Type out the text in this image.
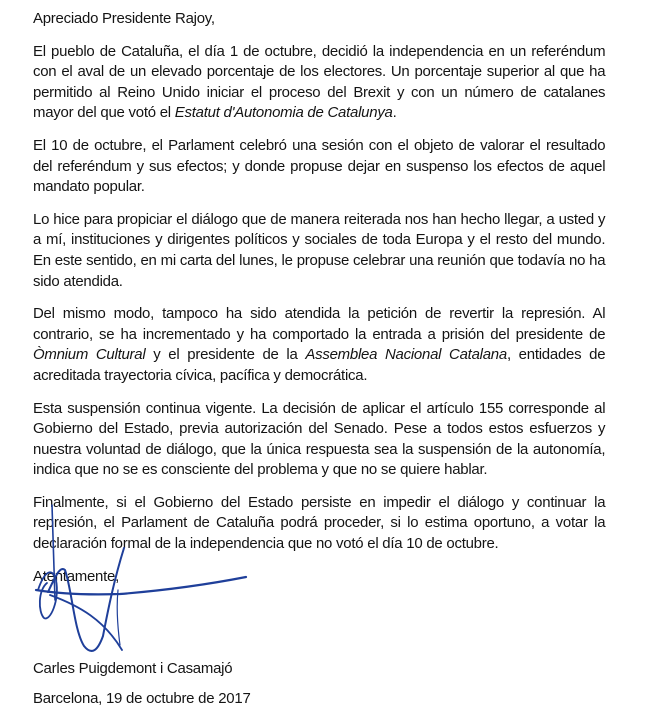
Apreciado Presidente Rajoy,

El pueblo de Cataluña, el día 1 de octubre, decidió la independencia en un referéndum con el aval de un elevado porcentaje de los electores. Un porcentaje superior al que ha permitido al Reino Unido iniciar el proceso del Brexit y con un número de catalanes mayor del que votó el Estatut d'Autonomia de Catalunya.

El 10 de octubre, el Parlament celebró una sesión con el objeto de valorar el resultado del referéndum y sus efectos; y donde propuse dejar en suspenso los efectos de aquel mandato popular.

Lo hice para propiciar el diálogo que de manera reiterada nos han hecho llegar, a usted y a mí, instituciones y dirigentes políticos y sociales de toda Europa y el resto del mundo. En este sentido, en mi carta del lunes, le propuse celebrar una reunión que todavía no ha sido atendida.

Del mismo modo, tampoco ha sido atendida la petición de revertir la represión. Al contrario, se ha incrementado y ha comportado la entrada a prisión del presidente de Òmnium Cultural y el presidente de la Assemblea Nacional Catalana, entidades de acreditada trayectoria cívica, pacífica y democrática.

Esta suspensión continua vigente. La decisión de aplicar el artículo 155 corresponde al Gobierno del Estado, previa autorización del Senado. Pese a todos estos esfuerzos y nuestra voluntad de diálogo, que la única respuesta sea la suspensión de la autonomía, indica que no se es consciente del problema y que no se quiere hablar.

Finalmente, si el Gobierno del Estado persiste en impedir el diálogo y continuar la represión, el Parlament de Cataluña podrá proceder, si lo estima oportuno, a votar la declaración formal de la independencia que no votó el día 10 de octubre.

Atentamente,

Carles Puigdemont i Casamajó

Barcelona, 19 de octubre de 2017
